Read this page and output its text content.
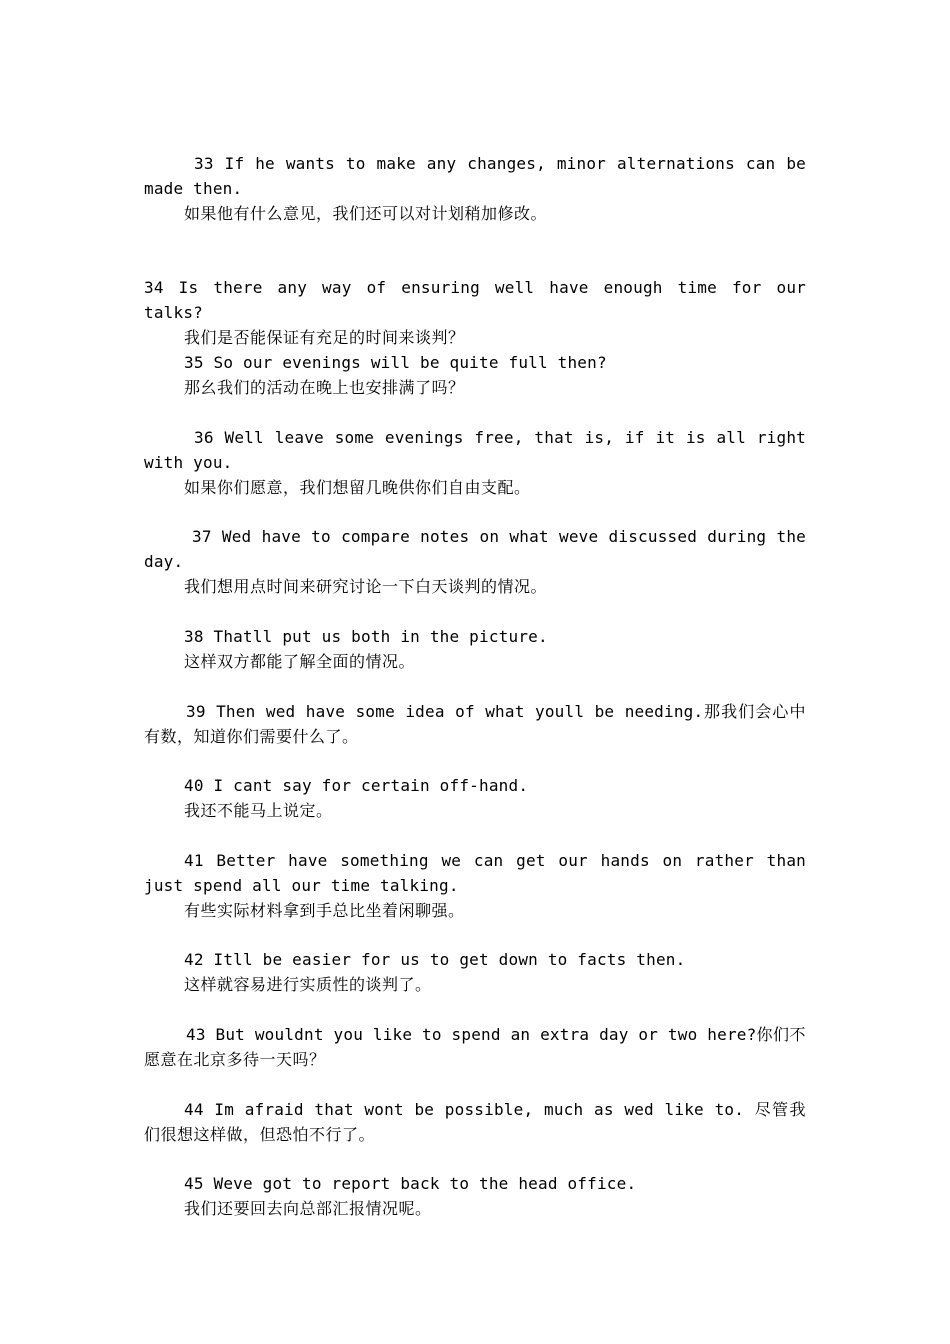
33 If he wants to make any changes, minor alternations can be made then.
如果他有什么意见，我们还可以对计划稍加修改。
34 Is there any way of ensuring well have enough time for our talks?
我们是否能保证有充足的时间来谈判？
35 So our evenings will be quite full then?
那幺我们的活动在晚上也安排满了吗？
36 Well leave some evenings free, that is, if it is all right with you.
如果你们愿意，我们想留几晚供你们自由支配。
37 Wed have to compare notes on what weve discussed during the day.
我们想用点时间来研究讨论一下白天谈判的情况。
38 Thatll put us both in the picture.
这样双方都能了解全面的情况。
39 Then wed have some idea of what youll be needing.那我们会心中有数，知道你们需要什么了。
40 I cant say for certain off-hand.
我还不能马上说定。
41 Better have something we can get our hands on rather than just spend all our time talking.
有些实际材料拿到手总比坐着闲聊强。
42 Itll be easier for us to get down to facts then.
这样就容易进行实质性的谈判了。
43 But wouldnt you like to spend an extra day or two here?你们不愿意在北京多待一天吗？
44 Im afraid that wont be possible, much as wed like to. 尽管我们很想这样做，但恐怕不行了。
45 Weve got to report back to the head office.
我们还要回去向总部汇报情况呢。
